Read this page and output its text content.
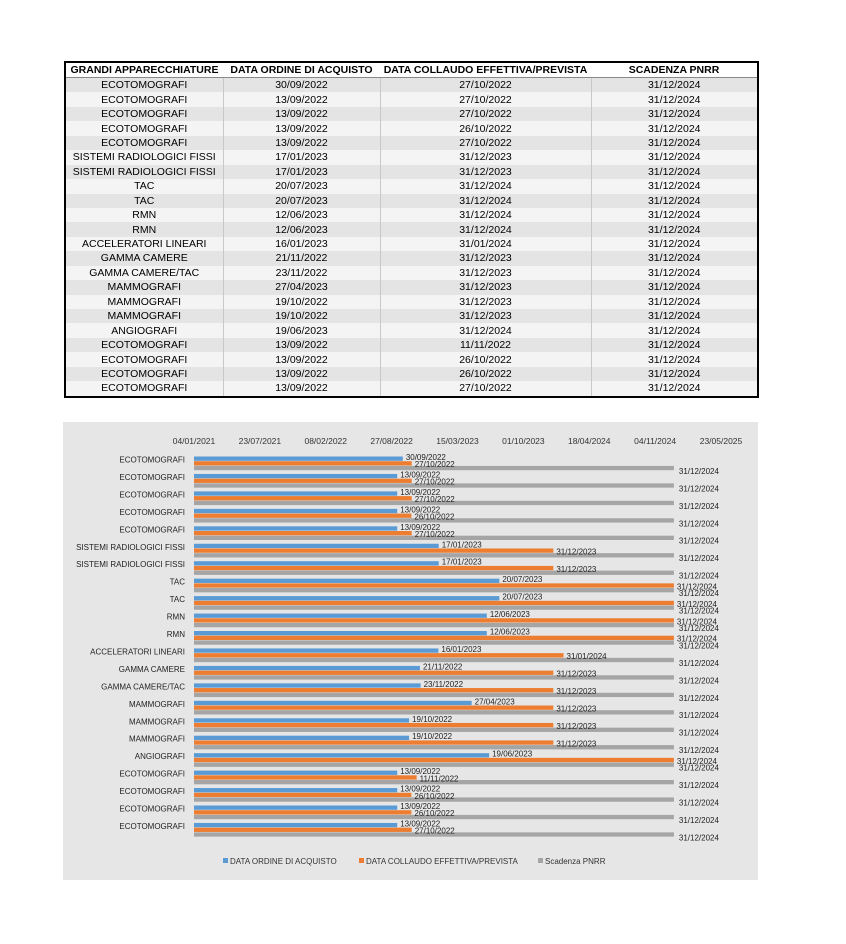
GRANDI APPARECCHIATURE	DATA ORDINE DI ACQUISTO	DATA COLLAUDO EFFETTIVA/PREVISTA	SCADENZA PNRR
ECOTOMOGRAFI	30/09/2022	27/10/2022	31/12/2024
ECOTOMOGRAFI	13/09/2022	27/10/2022	31/12/2024
ECOTOMOGRAFI	13/09/2022	27/10/2022	31/12/2024
ECOTOMOGRAFI	13/09/2022	26/10/2022	31/12/2024
ECOTOMOGRAFI	13/09/2022	27/10/2022	31/12/2024
SISTEMI RADIOLOGICI FISSI	17/01/2023	31/12/2023	31/12/2024
SISTEMI RADIOLOGICI FISSI	17/01/2023	31/12/2023	31/12/2024
TAC	20/07/2023	31/12/2024	31/12/2024
TAC	20/07/2023	31/12/2024	31/12/2024
RMN	12/06/2023	31/12/2024	31/12/2024
RMN	12/06/2023	31/12/2024	31/12/2024
ACCELERATORI LINEARI	16/01/2023	31/01/2024	31/12/2024
GAMMA CAMERE	21/11/2022	31/12/2023	31/12/2024
GAMMA CAMERE/TAC	23/11/2022	31/12/2023	31/12/2024
MAMMOGRAFI	27/04/2023	31/12/2023	31/12/2024
MAMMOGRAFI	19/10/2022	31/12/2023	31/12/2024
MAMMOGRAFI	19/10/2022	31/12/2023	31/12/2024
ANGIOGRAFI	19/06/2023	31/12/2024	31/12/2024
ECOTOMOGRAFI	13/09/2022	11/11/2022	31/12/2024
ECOTOMOGRAFI	13/09/2022	26/10/2022	31/12/2024
ECOTOMOGRAFI	13/09/2022	26/10/2022	31/12/2024
ECOTOMOGRAFI	13/09/2022	27/10/2022	31/12/2024
04/01/2021	23/07/2021	08/02/2022	27/08/2022	15/03/2023	01/10/2023	18/04/2024	04/11/2024	23/05/2025
ECOTOMOGRAFI	30/09/2022
27/10/2022
31/12/2024
ECOTOMOGRAFI	13/09/2022
27/10/2022
31/12/2024
ECOTOMOGRAFI	13/09/2022
27/10/2022
31/12/2024
ECOTOMOGRAFI	13/09/2022
26/10/2022
31/12/2024
ECOTOMOGRAFI	13/09/2022
27/10/2022
31/12/2024
SISTEMI RADIOLOGICI FISSI	17/01/2023
31/12/2023
31/12/2024
SISTEMI RADIOLOGICI FISSI	17/01/2023
31/12/2023
31/12/2024
TAC	20/07/2023
31/12/2024
31/12/2024
TAC	20/07/2023
31/12/2024
31/12/2024
RMN	12/06/2023
31/12/2024
31/12/2024
RMN	12/06/2023
31/12/2024
31/12/2024
ACCELERATORI LINEARI	16/01/2023
31/01/2024
31/12/2024
GAMMA CAMERE	21/11/2022
31/12/2023
31/12/2024
GAMMA CAMERE/TAC	23/11/2022
31/12/2023
31/12/2024
MAMMOGRAFI	27/04/2023
31/12/2023
31/12/2024
MAMMOGRAFI	19/10/2022
31/12/2023
31/12/2024
MAMMOGRAFI	19/10/2022
31/12/2023
31/12/2024
ANGIOGRAFI	19/06/2023
31/12/2024
31/12/2024
ECOTOMOGRAFI	13/09/2022
11/11/2022
31/12/2024
ECOTOMOGRAFI	13/09/2022
26/10/2022
31/12/2024
ECOTOMOGRAFI	13/09/2022
26/10/2022
31/12/2024
ECOTOMOGRAFI	13/09/2022
27/10/2022
31/12/2024
DATA ORDINE DI ACQUISTO	DATA COLLAUDO EFFETTIVA/PREVISTA	Scadenza PNRR
